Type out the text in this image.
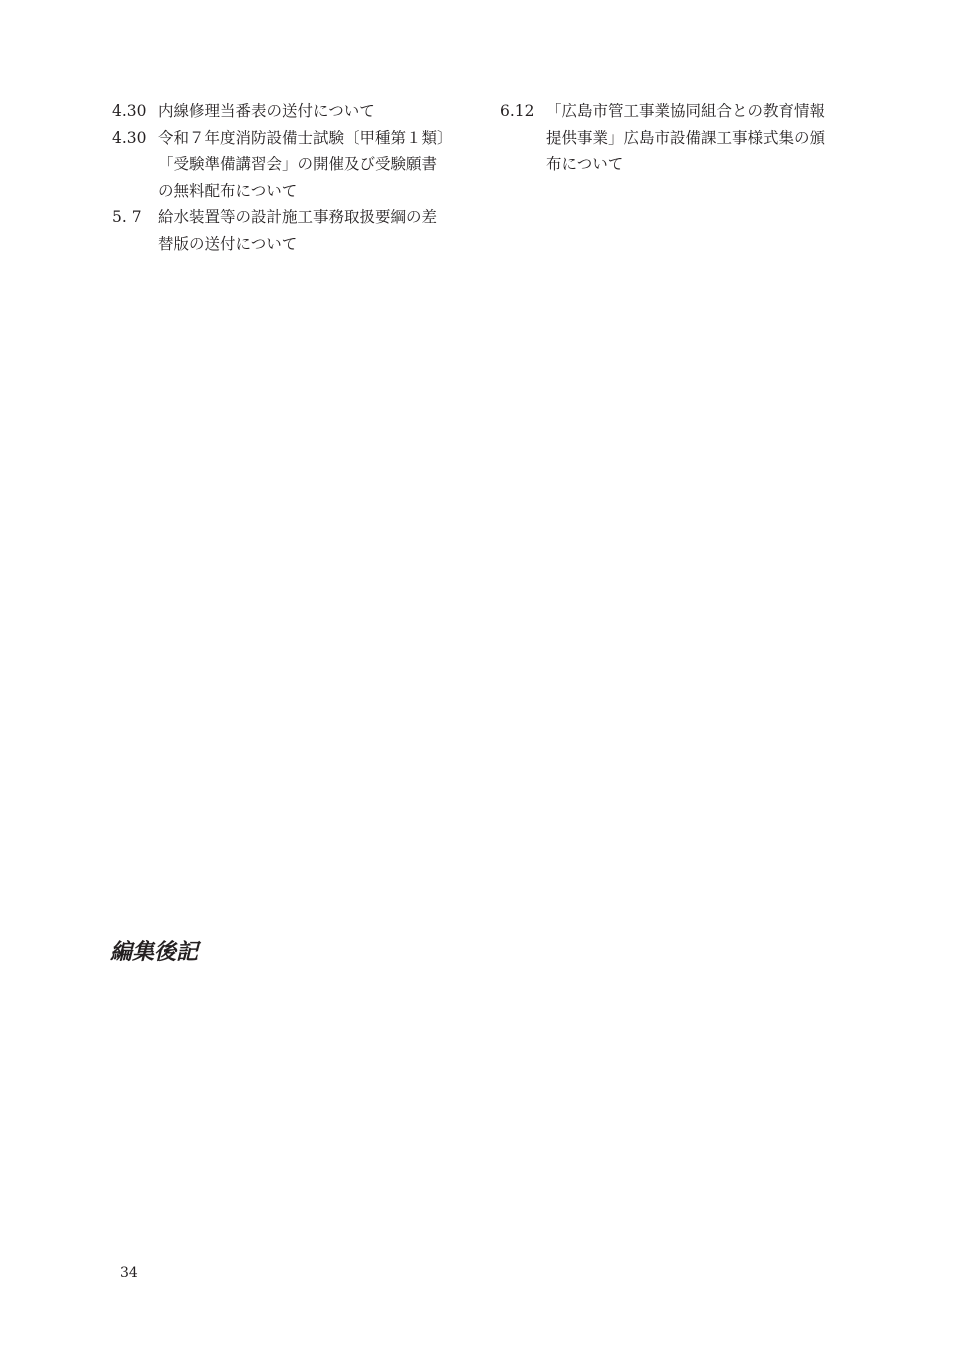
4.30 内線修理当番表の送付について
4.30 令和７年度消防設備士試験〔甲種第１類〕
「受験準備講習会」の開催及び受験願書
の無料配布について
5. 7	給水装置等の設計施工事務取扱要綱の差
替版の送付について
6.12 「広島市管工事業協同組合との教育情報
提供事業」広島市設備課工事様式集の頒
布について
編集後記
34
